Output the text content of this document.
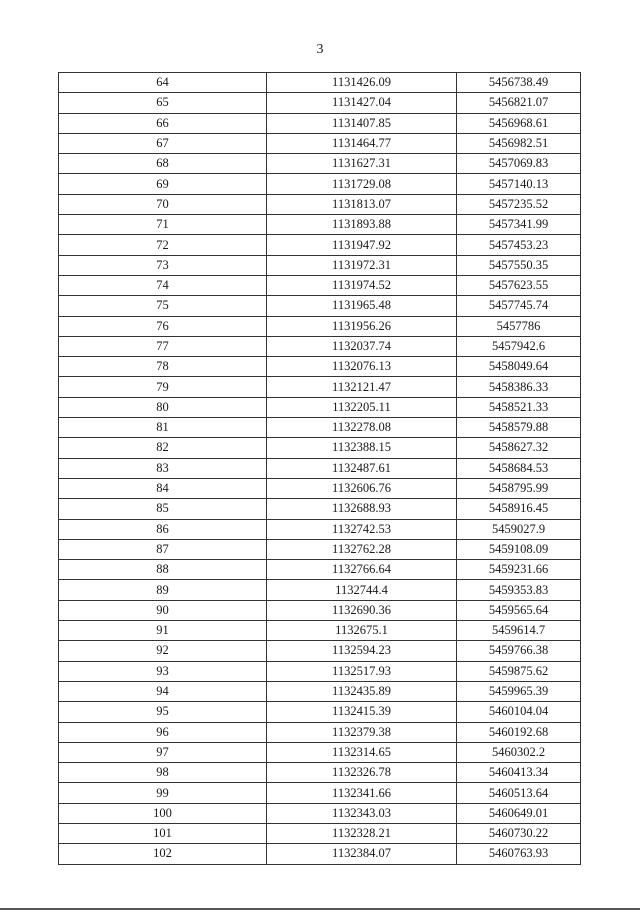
3
64	1131426.09	5456738.49
65	1131427.04	5456821.07
66	1131407.85	5456968.61
67	1131464.77	5456982.51
68	1131627.31	5457069.83
69	1131729.08	5457140.13
70	1131813.07	5457235.52
71	1131893.88	5457341.99
72	1131947.92	5457453.23
73	1131972.31	5457550.35
74	1131974.52	5457623.55
75	1131965.48	5457745.74
76	1131956.26	5457786
77	1132037.74	5457942.6
78	1132076.13	5458049.64
79	1132121.47	5458386.33
80	1132205.11	5458521.33
81	1132278.08	5458579.88
82	1132388.15	5458627.32
83	1132487.61	5458684.53
84	1132606.76	5458795.99
85	1132688.93	5458916.45
86	1132742.53	5459027.9
87	1132762.28	5459108.09
88	1132766.64	5459231.66
89	1132744.4	5459353.83
90	1132690.36	5459565.64
91	1132675.1	5459614.7
92	1132594.23	5459766.38
93	1132517.93	5459875.62
94	1132435.89	5459965.39
95	1132415.39	5460104.04
96	1132379.38	5460192.68
97	1132314.65	5460302.2
98	1132326.78	5460413.34
99	1132341.66	5460513.64
100	1132343.03	5460649.01
101	1132328.21	5460730.22
102	1132384.07	5460763.93
